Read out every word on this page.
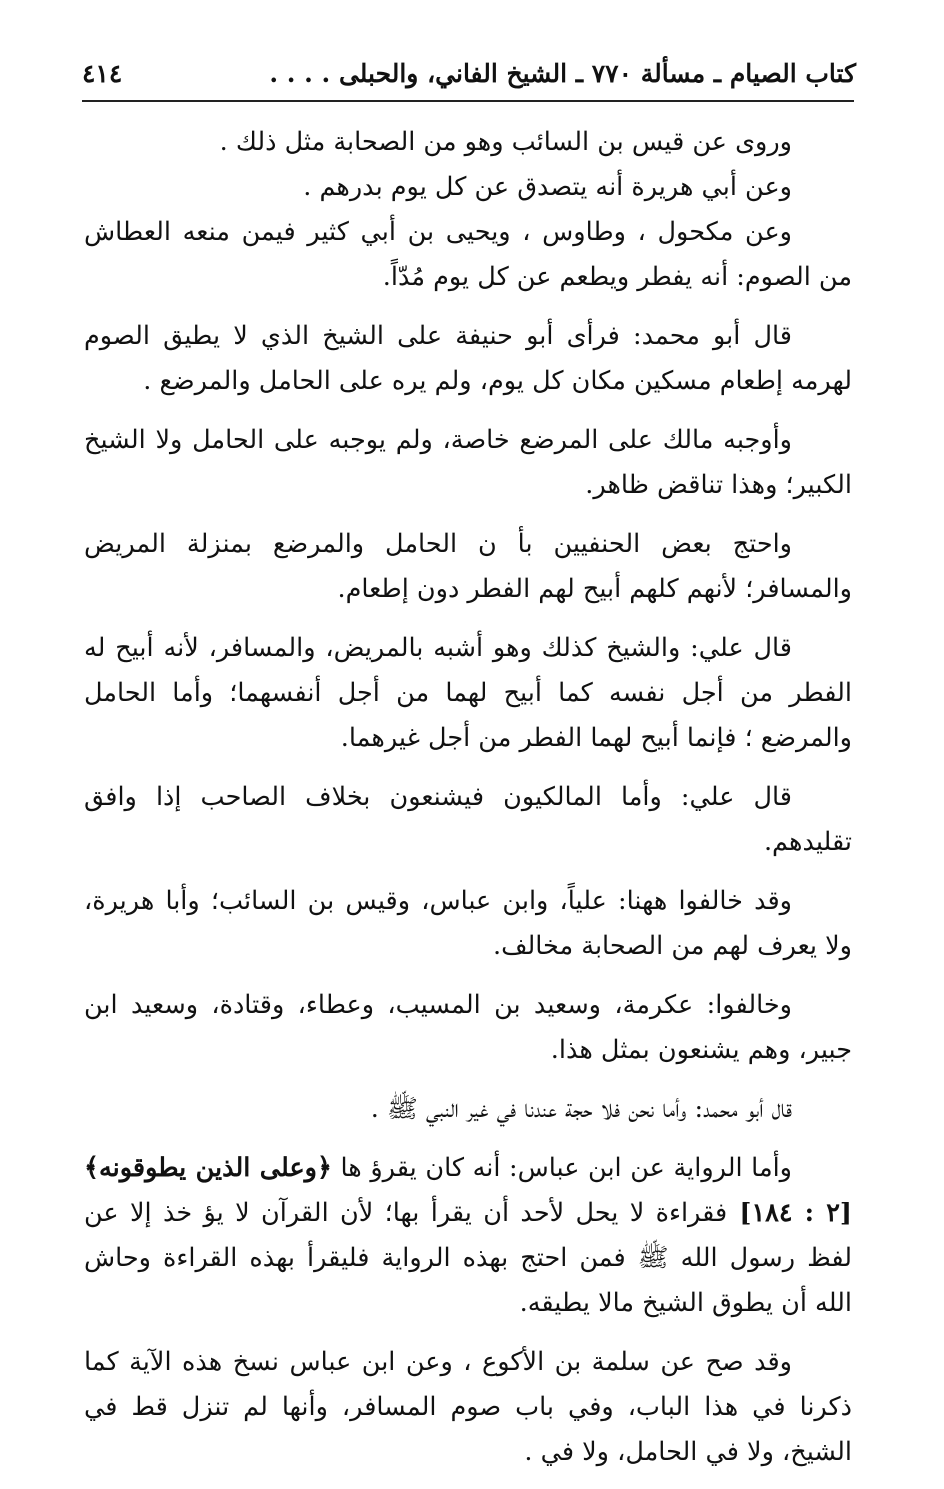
كتاب الصيام ـ مسألة ٧٧٠ ـ الشيخ الفاني، والحبلى . . . .
٤١٤

وروى عن قيس بن السائب وهو من الصحابة مثل ذلك .

وعن أبي هريرة أنه يتصدق عن كل يوم بدرهم .

وعن مكحول ، وطاوس ، ويحيى بن أبي كثير فيمن منعه العطاش من الصوم: أنه يفطر ويطعم عن كل يوم مُدّاً.

قال أبو محمد: فرأى أبو حنيفة على الشيخ الذي لا يطيق الصوم لهرمه إطعام مسكين مكان كل يوم، ولم يره على الحامل والمرضع .

وأوجبه مالك على المرضع خاصة، ولم يوجبه على الحامل ولا الشيخ الكبير؛ وهذا تناقض ظاهر.

واحتج بعض الحنفيين بأ ن الحامل والمرضع بمنزلة المريض والمسافر؛ لأنهم كلهم أبيح لهم الفطر دون إطعام.

قال علي: والشيخ كذلك وهو أشبه بالمريض، والمسافر، لأنه أبيح له الفطر من أجل نفسه كما أبيح لهما من أجل أنفسهما؛ وأما الحامل والمرضع ؛ فإنما أبيح لهما الفطر من أجل غيرهما.

قال علي: وأما المالكيون فيشنعون بخلاف الصاحب إذا وافق تقليدهم.

وقد خالفوا ههنا: علياً، وابن عباس، وقيس بن السائب؛ وأبا هريرة، ولا يعرف لهم من الصحابة مخالف.

وخالفوا: عكرمة، وسعيد بن المسيب، وعطاء، وقتادة، وسعيد ابن جبير، وهم يشنعون بمثل هذا.

قال أبو محمد: وأما نحن فلا حجة عندنا في غير النبي ﷺ .

وأما الرواية عن ابن عباس: أنه كان يقرؤ ها ﴿وعلى الذين يطوقونه﴾ [٢ : ١٨٤] فقراءة لا يحل لأحد أن يقرأ بها؛ لأن القرآن لا يؤ خذ إلا عن لفظ رسول الله ﷺ فمن احتج بهذه الرواية فليقرأ بهذه القراءة وحاش الله أن يطوق الشيخ مالا يطيقه.

وقد صح عن سلمة بن الأكوع ، وعن ابن عباس نسخ هذه الآية كما ذكرنا في هذا الباب، وفي باب صوم المسافر، وأنها لم تنزل قط في الشيخ، ولا في الحامل، ولا في .
